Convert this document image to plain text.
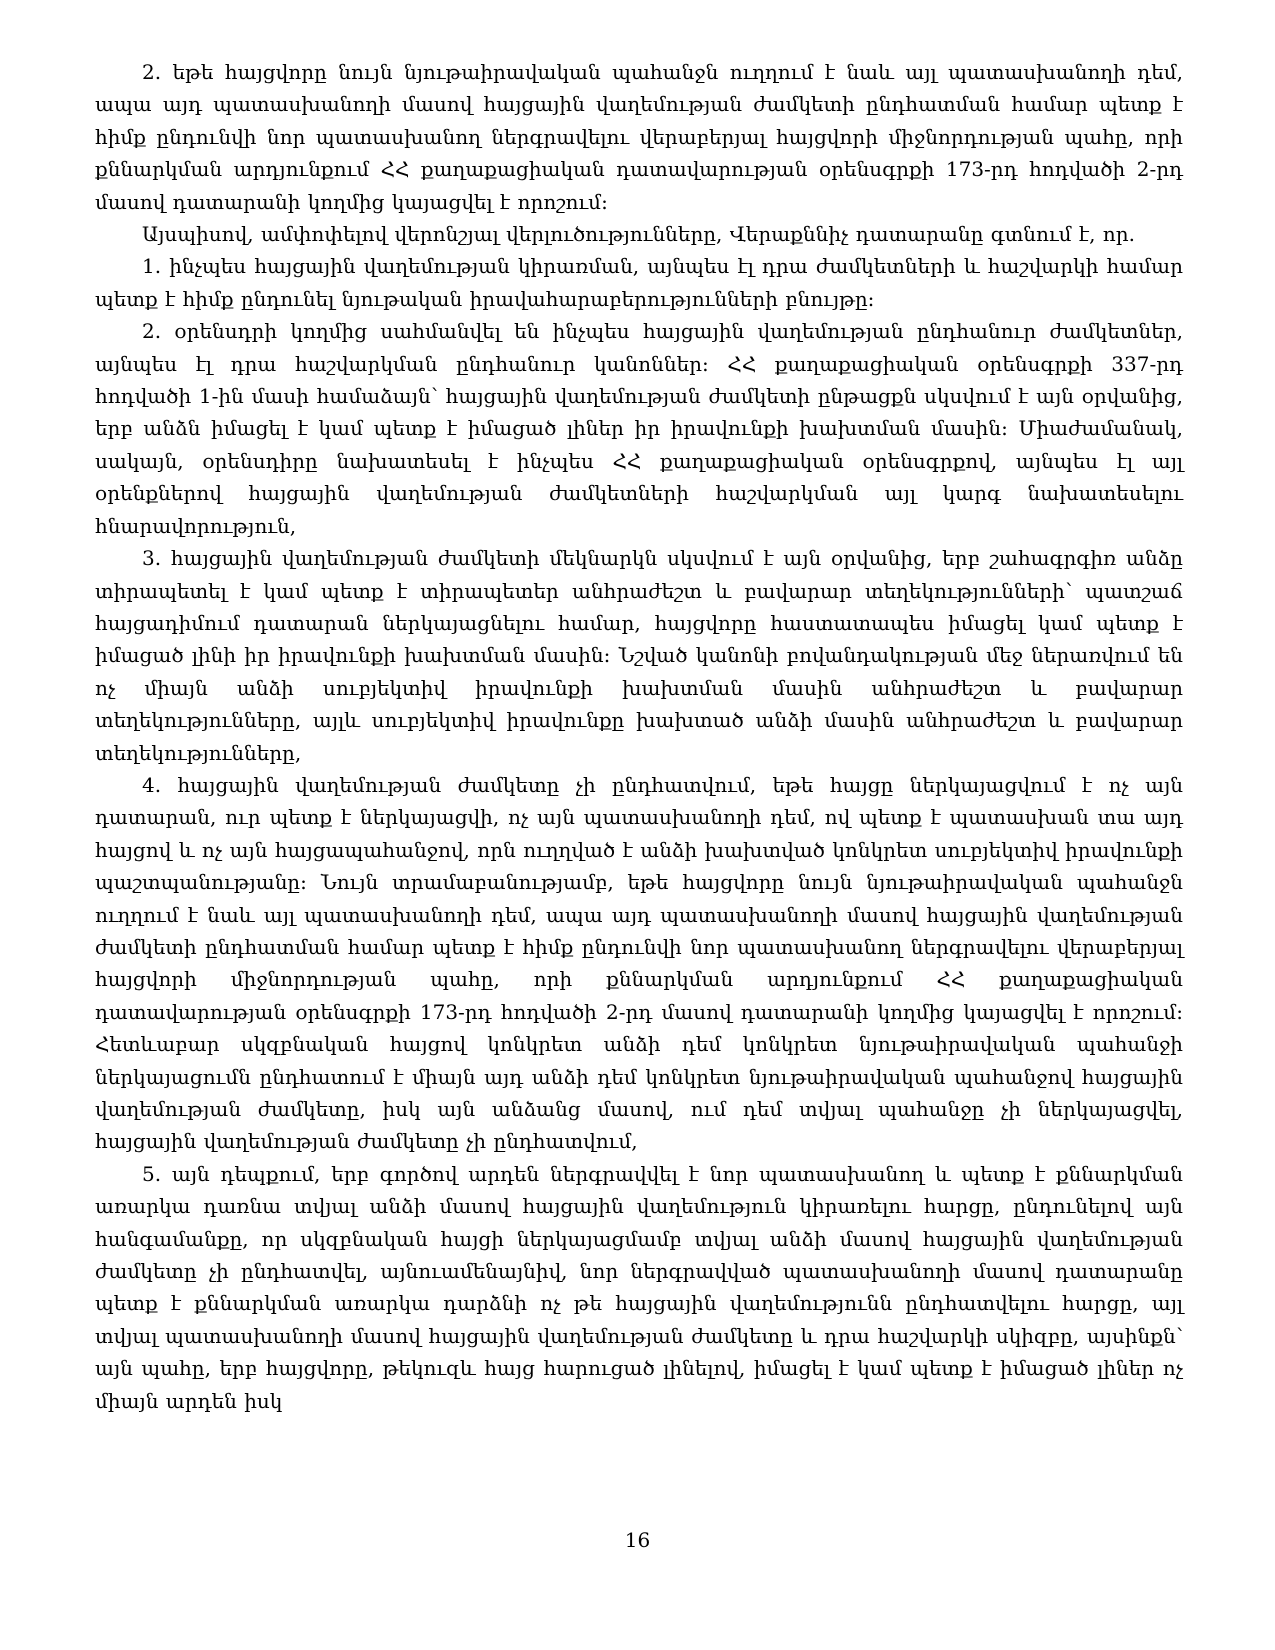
2. եթե հայցվորը նույն նյութաիրավական պահանջն ուղղում է նաև այլ պատասխանողի դեմ, ապա այդ պատասխանողի մասով հայցային վաղեմության ժամկետի ընդհատման համար պետք է հիմք ընդունվի նոր պատասխանող ներգրավելու վերաբերյալ հայցվորի միջնորդության պահը, որի քննարկման արդյունքում ՀՀ քաղաքացիական դատավարության օրենսգրքի 173-րդ հոդվածի 2-րդ մասով դատարանի կողմից կայացվել է որոշում։

Այսպիսով, ամփոփելով վերոնշյալ վերլուծությունները, Վերաքննիչ դատարանը գտնում է, որ.

1. ինչպես հայցային վաղեմության կիրառման, այնպես էլ դրա ժամկետների և հաշվարկի համար պետք է հիմք ընդունել նյութական իրավահարաբերությունների բնույթը։

2. օրենսդրի կողմից սահմանվել են ինչպես հայցային վաղեմության ընդհանուր ժամկետներ, այնպես էլ դրա հաշվարկման ընդհանուր կանոններ։ ՀՀ քաղաքացիական օրենսգրքի 337-րդ հոդվածի 1-ին մասի համաձայն՝ հայցային վաղեմության ժամկետի ընթացքն սկսվում է այն օրվանից, երբ անձն իմացել է կամ պետք է իմացած լիներ իր իրավունքի խախտման մասին։ Միաժամանակ, սակայն, օրենսդիրը նախատեսել է ինչպես ՀՀ քաղաքացիական օրենսգրքով, այնպես էլ այլ օրենքներով հայցային վաղեմության ժամկետների հաշվարկման այլ կարգ նախատեսելու հնարավորություն,

3. հայցային վաղեմության ժամկետի մեկնարկն սկսվում է այն օրվանից, երբ շահագրգիռ անձը տիրապետել է կամ պետք է տիրապետեր անհրաժեշտ և բավարար տեղեկությունների՝ պատշաճ հայցադիմում դատարան ներկայացնելու համար, հայցվորը հաստատապես իմացել կամ պետք է իմացած լինի իր իրավունքի խախտման մասին։ Նշված կանոնի բովանդակության մեջ ներառվում են ոչ միայն անձի սուբյեկտիվ իրավունքի խախտման մասին անհրաժեշտ և բավարար տեղեկությունները, այլև սուբյեկտիվ իրավունքը խախտած անձի մասին անհրաժեշտ և բավարար տեղեկությունները,

4. հայցային վաղեմության ժամկետը չի ընդհատվում, եթե հայցը ներկայացվում է ոչ այն դատարան, ուր պետք է ներկայացվի, ոչ այն պատասխանողի դեմ, ով պետք է պատասխան տա այդ հայցով և ոչ այն հայցապահանջով, որն ուղղված է անձի խախտված կոնկրետ սուբյեկտիվ իրավունքի պաշտպանությանը։ Նույն տրամաբանությամբ, եթե հայցվորը նույն նյութաիրավական պահանջն ուղղում է նաև այլ պատասխանողի դեմ, ապա այդ պատասխանողի մասով հայցային վաղեմության ժամկետի ընդհատման համար պետք է հիմք ընդունվի նոր պատասխանող ներգրավելու վերաբերյալ հայցվորի միջնորդության պահը, որի քննարկման արդյունքում ՀՀ քաղաքացիական դատավարության օրենսգրքի 173-րդ հոդվածի 2-րդ մասով դատարանի կողմից կայացվել է որոշում։ Հետևաբար սկզբնական հայցով կոնկրետ անձի դեմ կոնկրետ նյութաիրավական պահանջի ներկայացումն ընդհատում է միայն այդ անձի դեմ կոնկրետ նյութաիրավական պահանջով հայցային վաղեմության ժամկետը, իսկ այն անձանց մասով, ում դեմ տվյալ պահանջը չի ներկայացվել, հայցային վաղեմության ժամկետը չի ընդհատվում,

5. այն դեպքում, երբ գործով արդեն ներգրավվել է նոր պատասխանող և պետք է քննարկման առարկա դառնա տվյալ անձի մասով հայցային վաղեմություն կիրառելու հարցը, ընդունելով այն հանգամանքը, որ սկզբնական հայցի ներկայացմամբ տվյալ անձի մասով հայցային վաղեմության ժամկետը չի ընդհատվել, այնուամենայնիվ, նոր ներգրավված պատասխանողի մասով դատարանը պետք է քննարկման առարկա դարձնի ոչ թե հայցային վաղեմությունն ընդհատվելու հարցը, այլ տվյալ պատասխանողի մասով հայցային վաղեմության ժամկետը և դրա հաշվարկի սկիզբը, այսինքն՝ այն պահը, երբ հայցվորը, թեկուզև հայց հարուցած լինելով, իմացել է կամ պետք է իմացած լիներ ոչ միայն արդեն իսկ

16
